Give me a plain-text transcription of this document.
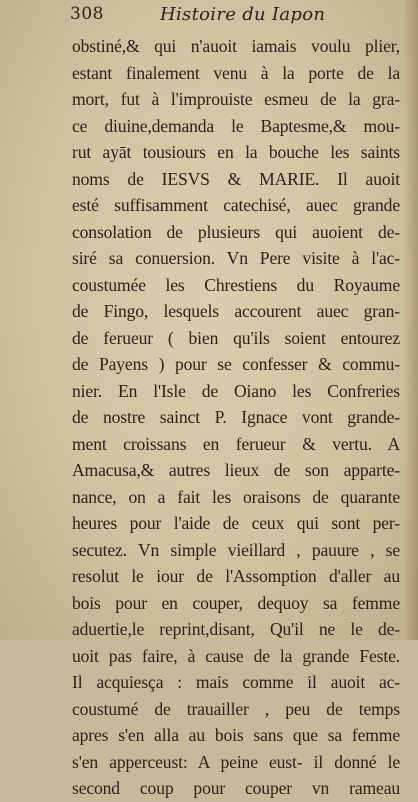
308	Histoire du Iapon
obstiné,& qui n'auoit iamais voulu plier,
estant finalement venu à la porte de la
mort, fut à l'improuiste esmeu de la gra-
ce diuine,demanda le Baptesme,& mou-
rut ayāt tousiours en la bouche les saints
noms de IESVS & MARIE. Il auoit
esté suffisamment catechisé, auec grande
consolation de plusieurs qui auoient de-
siré sa conuersion. Vn Pere visite à l'ac-
coustumée les Chrestiens du Royaume
de Fingo, lesquels accourent auec gran-
de ferueur ( bien qu'ils soient entourez
de Payens ) pour se confesser & commu-
nier. En l'Isle de Oiano les Confreries
de nostre sainct P. Ignace vont grande-
ment croissans en ferueur & vertu. A
Amacusa,& autres lieux de son apparte-
nance, on a fait les oraisons de quarante
heures pour l'aide de ceux qui sont per-
secutez. Vn simple vieillard , pauure , se
resolut le iour de l'Assomption d'aller au
bois pour en couper, dequoy sa femme
aduertie,le reprint,disant, Qu'il ne le de-
uoit pas faire, à cause de la grande Feste.
Il acquiesça : mais comme il auoit ac-
coustumé de trauailler , peu de temps
apres s'en alla au bois sans que sa femme
s'en apperceust: A peine eust- il donné le
second coup pour couper vn rameau
